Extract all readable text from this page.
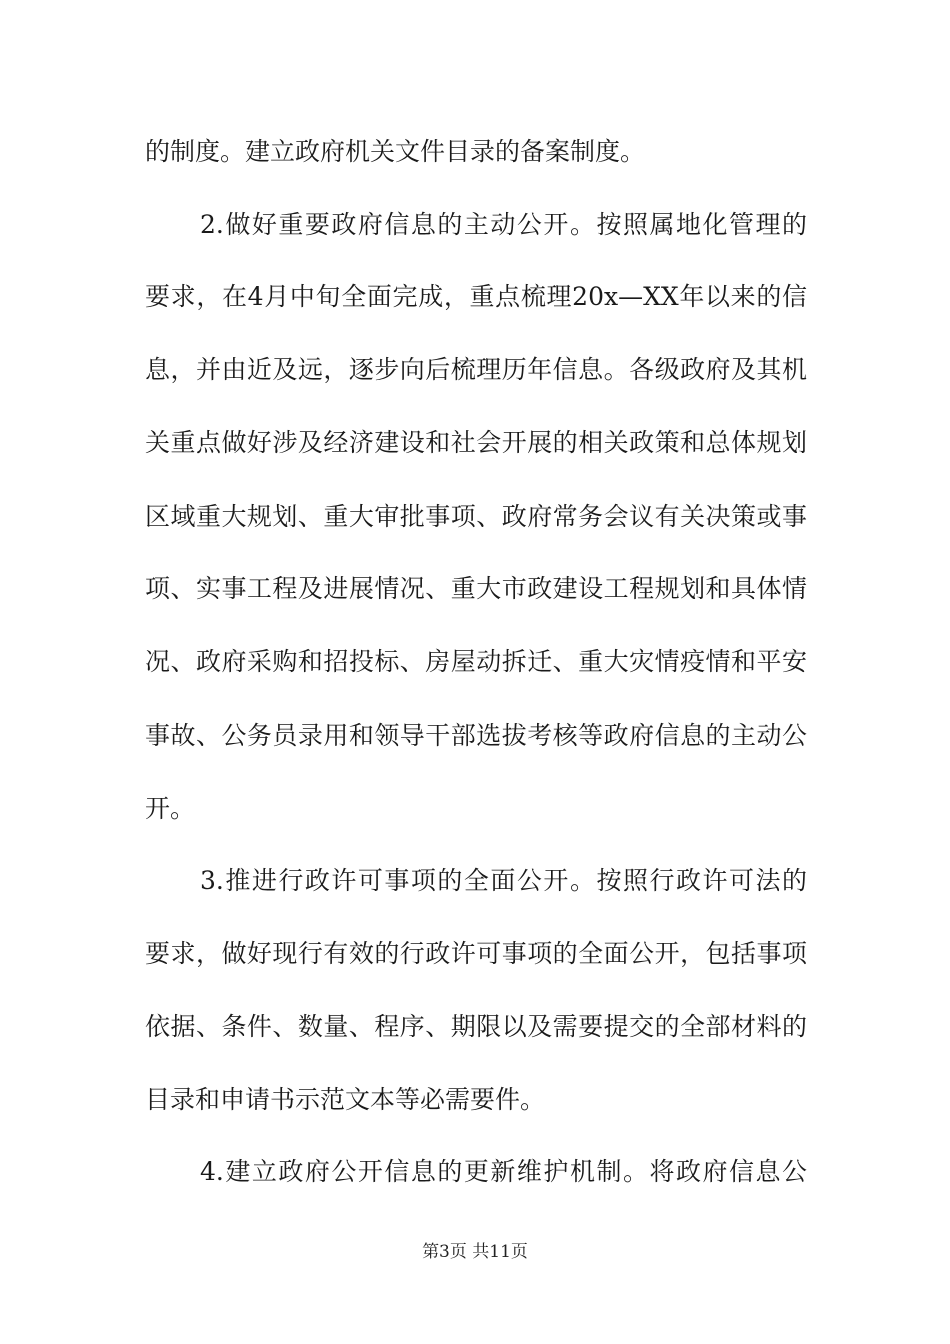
的制度。建立政府机关文件目录的备案制度。
2.做好重要政府信息的主动公开。按照属地化管理的
要求，在4月中旬全面完成，重点梳理20x—XX年以来的信
息，并由近及远，逐步向后梳理历年信息。各级政府及其机
关重点做好涉及经济建设和社会开展的相关政策和总体规划
区域重大规划、重大审批事项、政府常务会议有关决策或事
项、实事工程及进展情况、重大市政建设工程规划和具体情
况、政府采购和招投标、房屋动拆迁、重大灾情疫情和平安
事故、公务员录用和领导干部选拔考核等政府信息的主动公
开。
3.推进行政许可事项的全面公开。按照行政许可法的
要求，做好现行有效的行政许可事项的全面公开，包括事项
依据、条件、数量、程序、期限以及需要提交的全部材料的
目录和申请书示范文本等必需要件。
4.建立政府公开信息的更新维护机制。将政府信息公
第3页 共11页
